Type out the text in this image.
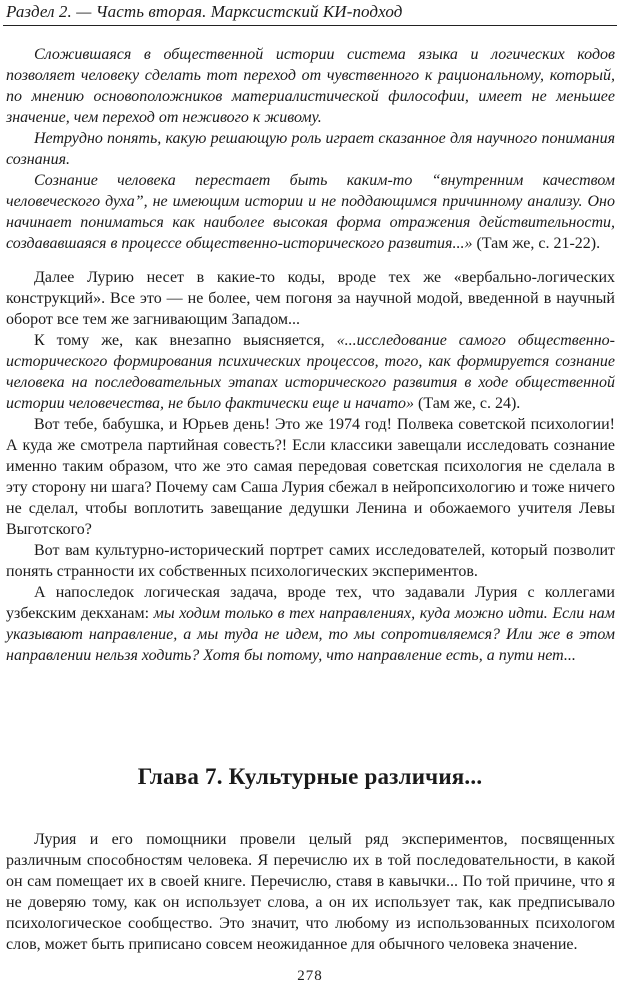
Раздел 2. — Часть вторая. Марксистский КИ-подход

Сложившаяся в общественной истории система языка и логических кодов позволяет человеку сделать тот переход от чувственного к рациональному, который, по мнению основоположников материалистической философии, имеет не меньшее значение, чем переход от неживого к живому.

Нетрудно понять, какую решающую роль играет сказанное для научного понимания сознания.

Сознание человека перестает быть каким-то “внутренним качеством человеческого духа”, не имеющим истории и не поддающимся причинному анализу. Оно начинает пониматься как наиболее высокая форма отражения действительности, создававшаяся в процессе общественно-исторического развития...» (Там же, с. 21-22).

Далее Лурию несет в какие-то коды, вроде тех же «вербально-логических конструкций». Все это — не более, чем погоня за научной модой, введенной в научный оборот все тем же загнивающим Западом...

К тому же, как внезапно выясняется, «...исследование самого общественно-исторического формирования психических процессов, того, как формируется сознание человека на последовательных этапах исторического развития в ходе общественной истории человечества, не было фактически еще и начато» (Там же, с. 24).

Вот тебе, бабушка, и Юрьев день! Это же 1974 год! Полвека советской психологии! А куда же смотрела партийная совесть?! Если классики завещали исследовать сознание именно таким образом, что же это самая передовая советская психология не сделала в эту сторону ни шага? Почему сам Саша Лурия сбежал в нейропсихологию и тоже ничего не сделал, чтобы воплотить завещание дедушки Ленина и обожаемого учителя Левы Выготского?

Вот вам культурно-исторический портрет самих исследователей, который позволит понять странности их собственных психологических экспериментов.

А напоследок логическая задача, вроде тех, что задавали Лурия с коллегами узбекским декханам: мы ходим только в тех направлениях, куда можно идти. Если нам указывают направление, а мы туда не идем, то мы сопротивляемся? Или же в этом направлении нельзя ходить? Хотя бы потому, что направление есть, а пути нет...

Глава 7. Культурные различия...

Лурия и его помощники провели целый ряд экспериментов, посвященных различным способностям человека. Я перечислю их в той последовательности, в какой он сам помещает их в своей книге. Перечислю, ставя в кавычки... По той причине, что я не доверяю тому, как он использует слова, а он их использует так, как предписывало психологическое сообщество. Это значит, что любому из использованных психологом слов, может быть приписано совсем неожиданное для обычного человека значение.

278
